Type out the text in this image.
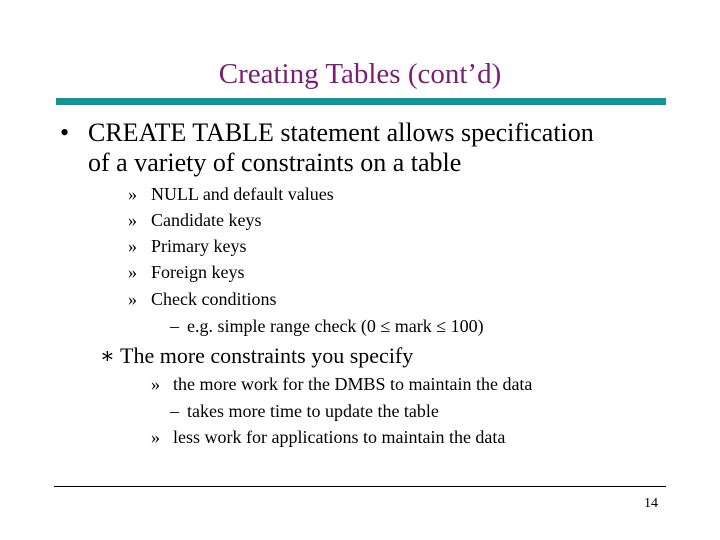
Creating Tables (cont’d)
• CREATE TABLE statement allows specification
of a variety of constraints on a table
» NULL and default values
» Candidate keys
» Primary keys
» Foreign keys
» Check conditions
– e.g. simple range check (0 ≤ mark ≤ 100)
∗ The more constraints you specify
» the more work for the DMBS to maintain the data
– takes more time to update the table
» less work for applications to maintain the data
14
